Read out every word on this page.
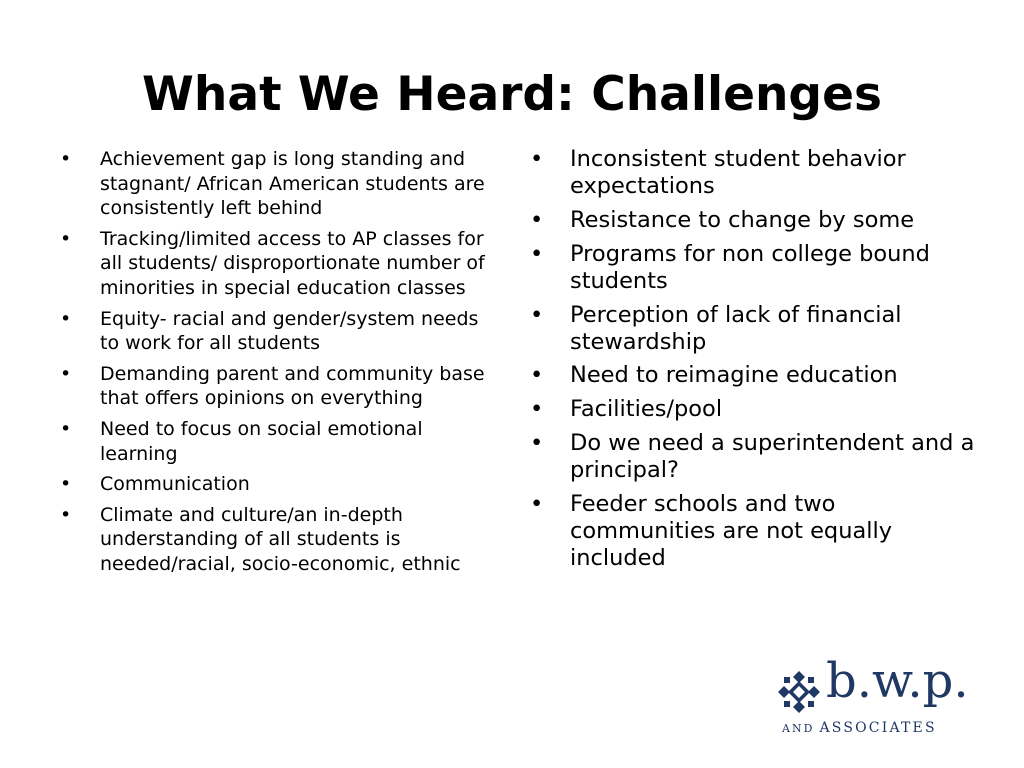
What We Heard: Challenges
• Achievement gap is long standing and stagnant/ African American students are consistently left behind
• Tracking/limited access to AP classes for all students/ disproportionate number of minorities in special education classes
• Equity- racial and gender/system needs to work for all students
• Demanding parent and community base that offers opinions on everything
• Need to focus on social emotional learning
• Communication
• Climate and culture/an in-depth understanding of all students is needed/racial, socio-economic, ethnic
• Inconsistent student behavior expectations
• Resistance to change by some
• Programs for non college bound students
• Perception of lack of financial stewardship
• Need to reimagine education
• Facilities/pool
• Do we need a superintendent and a principal?
• Feeder schools and two communities are not equally included
b.w.p.
AND ASSOCIATES
